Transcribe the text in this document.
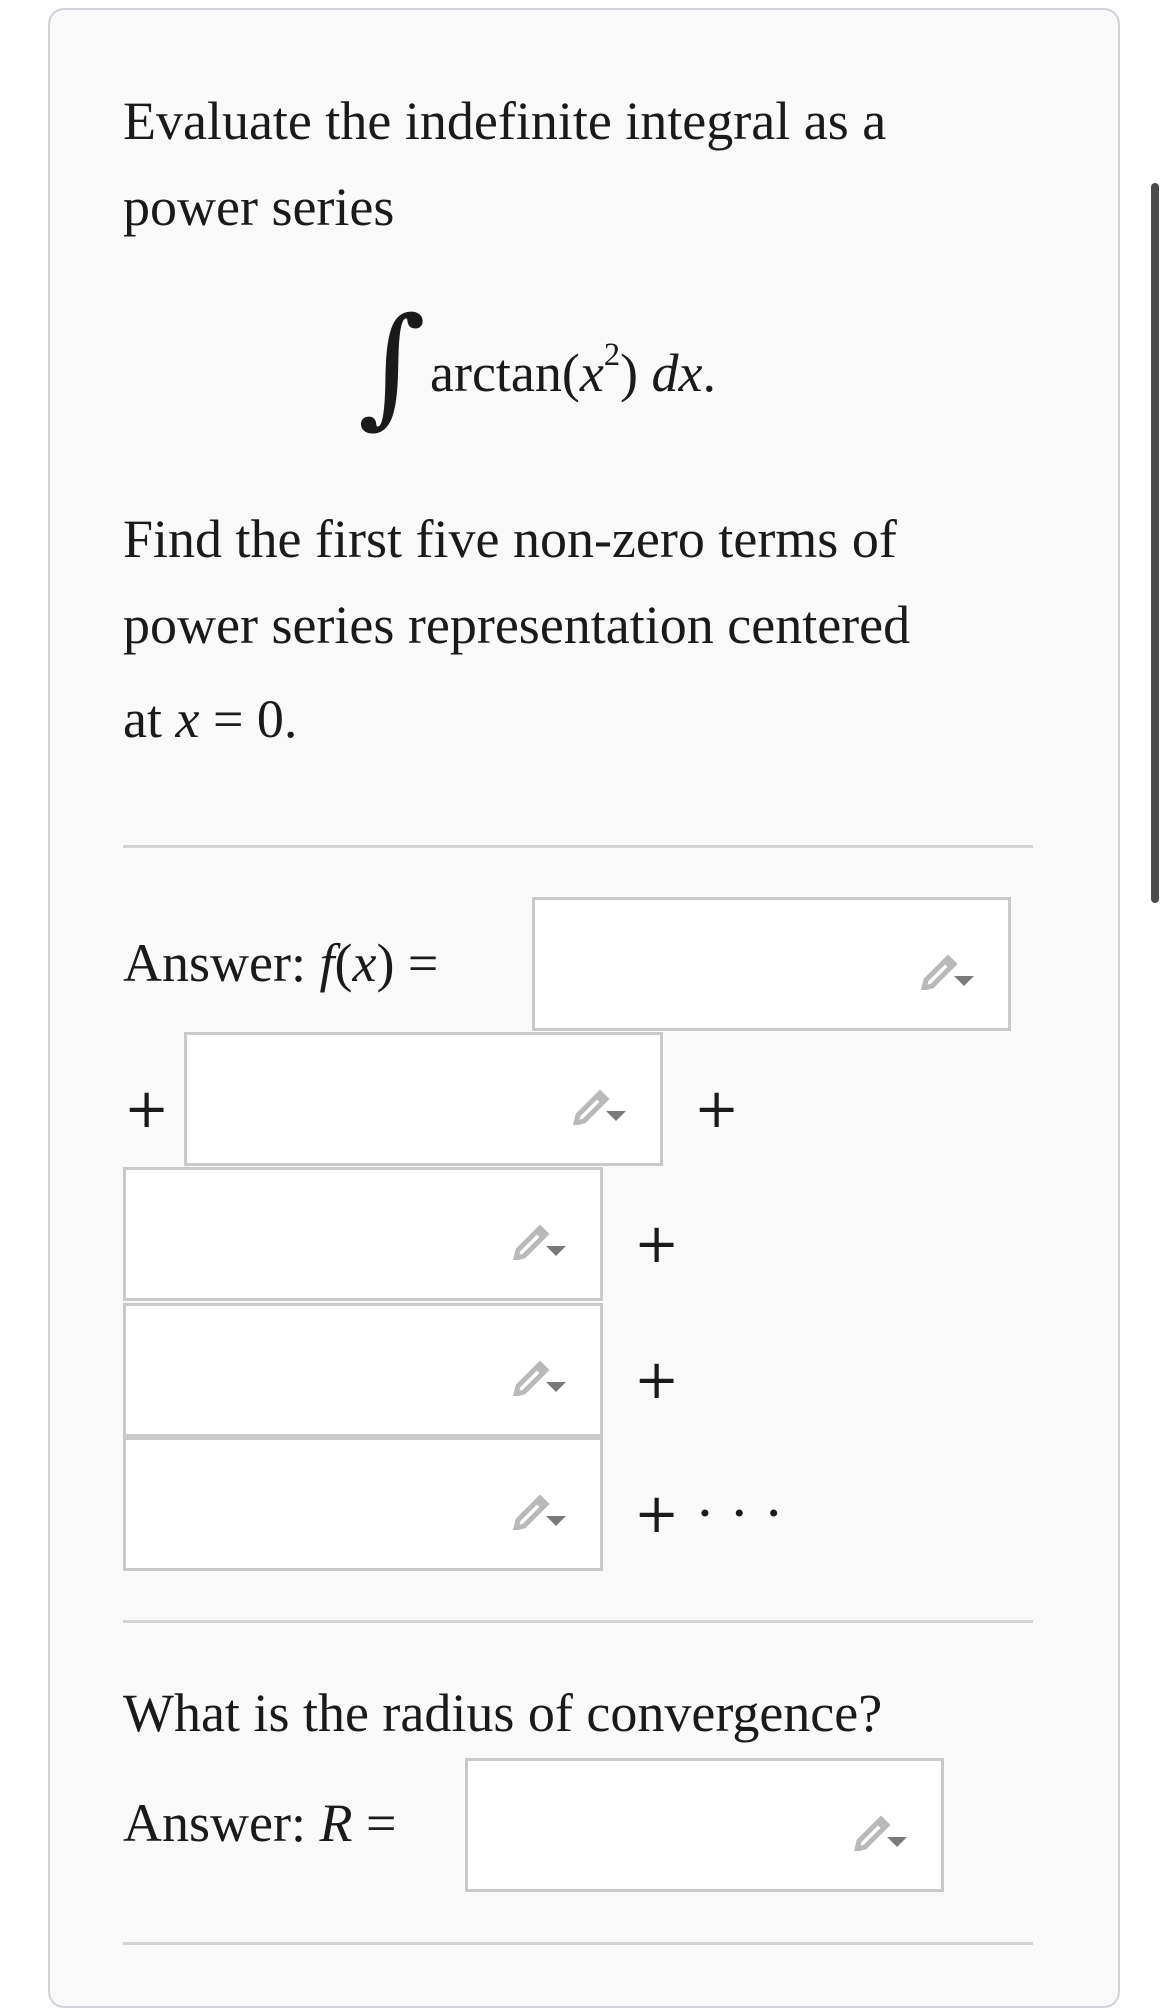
Evaluate the indefinite integral as a
power series
∫ $\arctan(x^2)$ dx.
Find the first five non-zero terms of
power series representation centered
at x = 0.
Answer: f(x) =
+	+
+
+
+ · · ·
What is the radius of convergence?
Answer: R =
